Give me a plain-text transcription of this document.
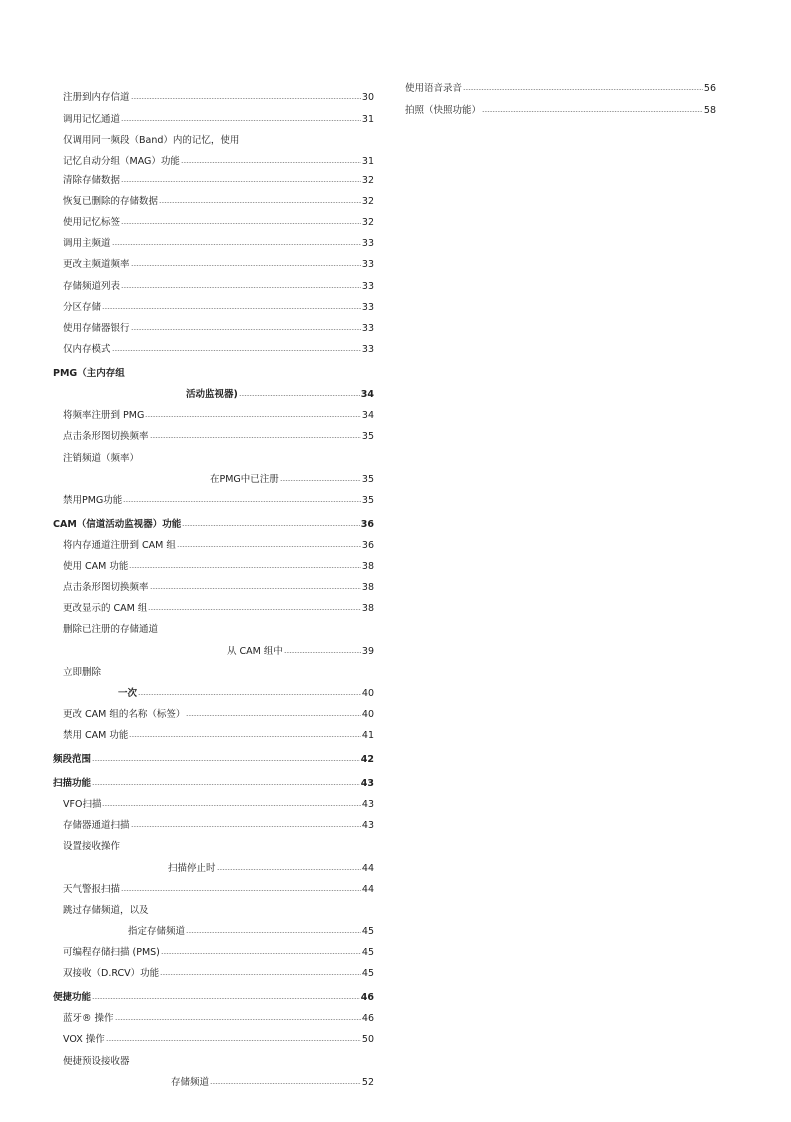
注册到内存信道	30
调用记忆通道	31
仅调用同一频段（Band）内的记忆，使用
记忆自动分组（MAG）功能	31
清除存储数据	32
恢复已删除的存储数据	32
使用记忆标签	32
调用主频道	33
更改主频道频率	33
存储频道列表	33
分区存储	33
使用存储器银行	33
仅内存模式	33
PMG（主内存组
活动监视器)	34
将频率注册到 PMG	34
点击条形图切换频率	35
注销频道（频率）
在PMG中已注册	35
禁用PMG功能	35
CAM（信道活动监视器）功能	36
将内存通道注册到 CAM 组	36
使用 CAM 功能	38
点击条形图切换频率	38
更改显示的 CAM 组	38
删除已注册的存储通道
从 CAM 组中	39
立即删除
一次	40
更改 CAM 组的名称（标签）	40
禁用 CAM 功能	41
频段范围	42
扫描功能	43
VFO扫描	43
存储器通道扫描	43
设置接收操作
扫描停止时	44
天气警报扫描	44
跳过存储频道，以及
指定存储频道	45
可编程存储扫描 (PMS)	45
双接收（D.RCV）功能	45
便捷功能	46
蓝牙® 操作	46
VOX 操作	50
便捷预设接收器
存储频道	52
使用语音录音	56
拍照（快照功能）	58
